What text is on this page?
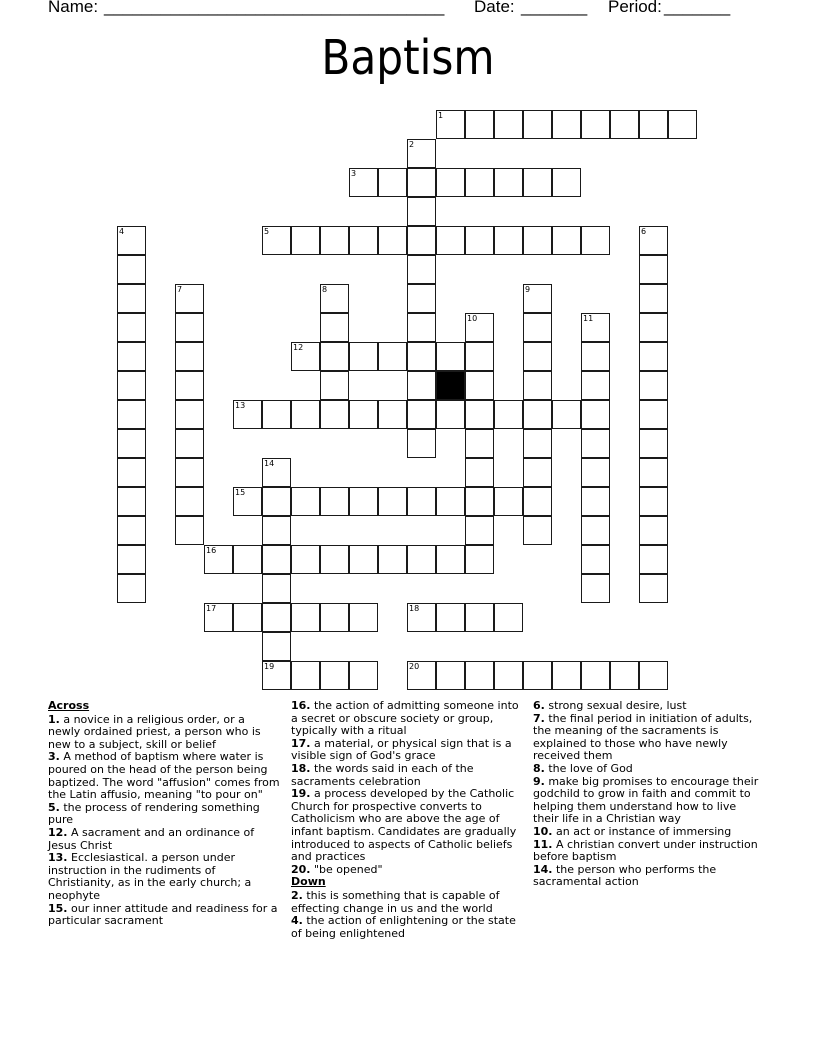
Name:

____________________________________

Date:

_______

Period:

_______

Baptism
1
2
3
4	5	6
7	8	9
10	11
12
13
14
19
15
16
17	18
20
Across
1. a novice in a religious order, or a newly ordained priest, a person who is new to a subject, skill or belief
3. A method of baptism where water is poured on the head of the person being baptized. The word "affusion" comes from the Latin affusio, meaning "to pour on"
5. the process of rendering something pure
12. A sacrament and an ordinance of Jesus Christ
13. Ecclesiastical. a person under instruction in the rudiments of Christianity, as in the early church; a neophyte
15. our inner attitude and readiness for a particular sacrament
16. the action of admitting someone into a secret or obscure society or group, typically with a ritual
17. a material, or physical sign that is a visible sign of God's grace
18. the words said in each of the sacraments celebration
19. a process developed by the Catholic Church for prospective converts to Catholicism who are above the age of infant baptism. Candidates are gradually introduced to aspects of Catholic beliefs and practices
20. "be opened"
Down
2. this is something that is capable of effecting change in us and the world
4. the action of enlightening or the state of being enlightened
6. strong sexual desire, lust
7. the final period in initiation of adults, the meaning of the sacraments is explained to those who have newly received them
8. the love of God
9. make big promises to encourage their godchild to grow in faith and commit to helping them understand how to live their life in a Christian way
10. an act or instance of immersing
11. A christian convert under instruction before baptism
14. the person who performs the sacramental action
